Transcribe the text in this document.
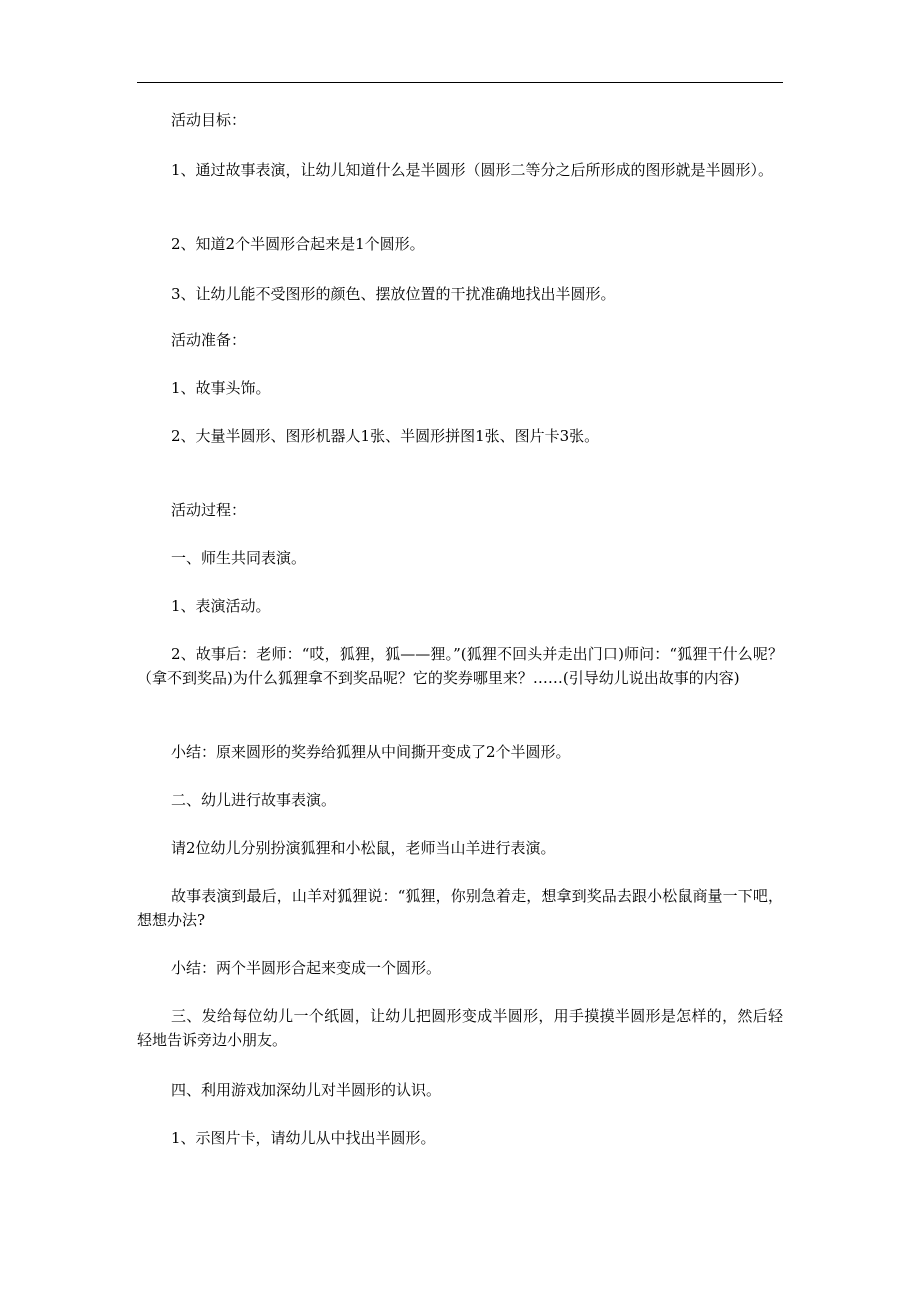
活动目标：
1、通过故事表演，让幼儿知道什么是半圆形（圆形二等分之后所形成的图形就是半圆形）。
2、知道2个半圆形合起来是1个圆形。
3、让幼儿能不受图形的颜色、摆放位置的干扰准确地找出半圆形。
活动准备：
1、故事头饰。
2、大量半圆形、图形机器人1张、半圆形拼图1张、图片卡3张。
活动过程：
一、师生共同表演。
1、表演活动。
2、故事后：老师：“哎，狐狸，狐——狸。”(狐狸不回头并走出门口)师问：“狐狸干什么呢？（拿不到奖品)为什么狐狸拿不到奖品呢？它的奖券哪里来？……(引导幼儿说出故事的内容)
小结：原来圆形的奖券给狐狸从中间撕开变成了2个半圆形。
二、幼儿进行故事表演。
请2位幼儿分别扮演狐狸和小松鼠，老师当山羊进行表演。
故事表演到最后，山羊对狐狸说：“狐狸，你别急着走，想拿到奖品去跟小松鼠商量一下吧，想想办法?
小结：两个半圆形合起来变成一个圆形。
三、发给每位幼儿一个纸圆，让幼儿把圆形变成半圆形，用手摸摸半圆形是怎样的，然后轻轻地告诉旁边小朋友。
四、利用游戏加深幼儿对半圆形的认识。
1、示图片卡，请幼儿从中找出半圆形。
